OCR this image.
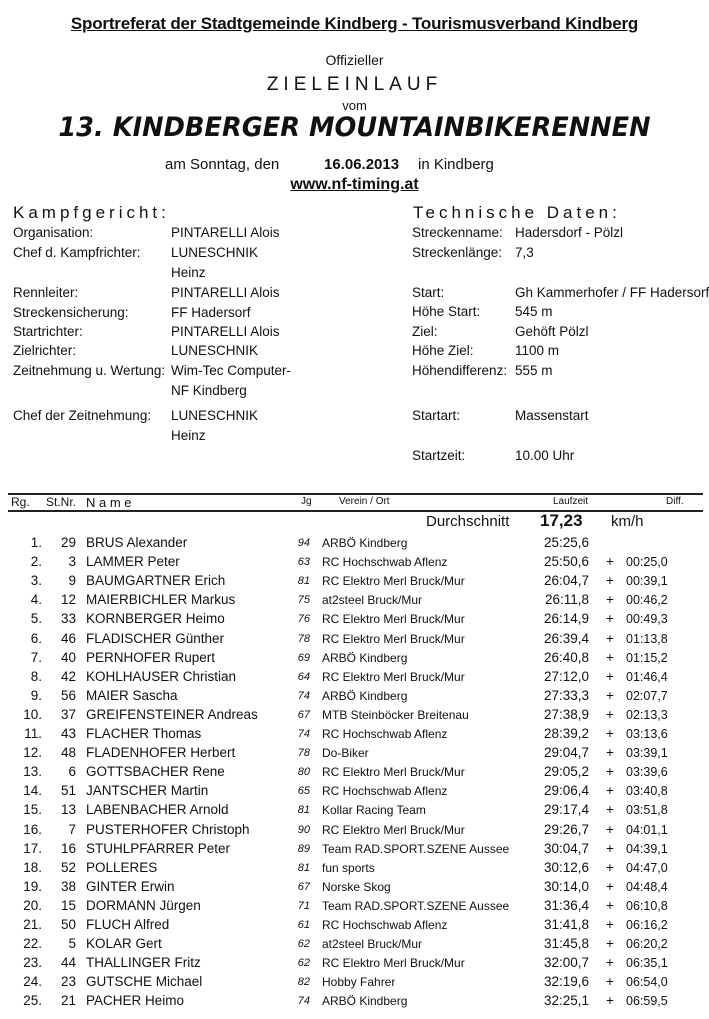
Sportreferat der Stadtgemeinde Kindberg - Tourismusverband Kindberg
Offizieller
ZIELEINLAUF
vom
13. KINDBERGER MOUNTAINBIKERENNEN
am Sonntag, den	16.06.2013 in Kindberg
www.nf-timing.at
Kampfgericht:	Technische Daten:
Organisation:	PINTARELLI Alois
Chef d. Kampfrichter: LUNESCHNIK
Heinz
Rennleiter:	PINTARELLI Alois
Streckensicherung:	FF Hadersorf
Startrichter:	PINTARELLI Alois
Zielrichter:	LUNESCHNIK
Zeitnehmung u. Wertung: Wim-Tec Computer-
NF Kindberg
Chef der Zeitnehmung: LUNESCHNIK
Heinz
Streckenname: Hadersdorf - Pölzl
Streckenlänge: 7,3
Start:	Gh Kammerhofer / FF Hadersorf
Höhe Start:	545 m
Ziel:	Gehöft Pölzl
Höhe Ziel:	1100 m
Höhendifferenz: 555 m
Startart:	Massenstart
Startzeit:	10.00 Uhr
Rg. St.Nr. N a m e	Jg	Verein / Ort	Laufzeit	Diff.
Durchschnitt 17,23 km/h
1.	29 BRUS Alexander	94 ARBÖ Kindberg	25:25,6
2.	3 LAMMER Peter	63 RC Hochschwab Aflenz	25:50,6 + 00:25,0
3.	9 BAUMGARTNER Erich	81 RC Elektro Merl Bruck/Mur	26:04,7 + 00:39,1
4.	12 MAIERBICHLER Markus	75 at2steel Bruck/Mur	26:11,8 + 00:46,2
5.	33 KORNBERGER Heimo	76 RC Elektro Merl Bruck/Mur	26:14,9 + 00:49,3
6.	46 FLADISCHER Günther	78 RC Elektro Merl Bruck/Mur	26:39,4 + 01:13,8
7.	40 PERNHOFER Rupert	69 ARBÖ Kindberg	26:40,8 + 01:15,2
8.	42 KOHLHAUSER Christian	64 RC Elektro Merl Bruck/Mur	27:12,0 + 01:46,4
9.	56 MAIER Sascha	74 ARBÖ Kindberg	27:33,3 + 02:07,7
10.	37 GREIFENSTEINER Andreas	67 MTB Steinböcker Breitenau	27:38,9 + 02:13,3
11.	43 FLACHER Thomas	74 RC Hochschwab Aflenz	28:39,2 + 03:13,6
12.	48 FLADENHOFER Herbert	78 Do-Biker	29:04,7 + 03:39,1
13.	6 GOTTSBACHER Rene	80 RC Elektro Merl Bruck/Mur	29:05,2 + 03:39,6
14.	51 JANTSCHER Martin	65 RC Hochschwab Aflenz	29:06,4 + 03:40,8
15.	13 LABENBACHER Arnold	81 Kollar Racing Team	29:17,4 + 03:51,8
16.	7 PUSTERHOFER Christoph	90 RC Elektro Merl Bruck/Mur	29:26,7 + 04:01,1
17.	16 STUHLPFARRER Peter	89 Team RAD.SPORT.SZENE Aussee	30:04,7 + 04:39,1
18.	52 POLLERES	81 fun sports	30:12,6 + 04:47,0
19.	38 GINTER Erwin	67 Norske Skog	30:14,0 + 04:48,4
20.	15 DORMANN Jürgen	71 Team RAD.SPORT.SZENE Aussee	31:36,4 + 06:10,8
21.	50 FLUCH Alfred	61 RC Hochschwab Aflenz	31:41,8 + 06:16,2
22.	5 KOLAR Gert	62 at2steel Bruck/Mur	31:45,8 + 06:20,2
23.	44 THALLINGER Fritz	62 RC Elektro Merl Bruck/Mur	32:00,7 + 06:35,1
24.	23 GUTSCHE Michael	82 Hobby Fahrer	32:19,6 + 06:54,0
25.	21 PACHER Heimo	74 ARBÖ Kindberg	32:25,1 + 06:59,5
